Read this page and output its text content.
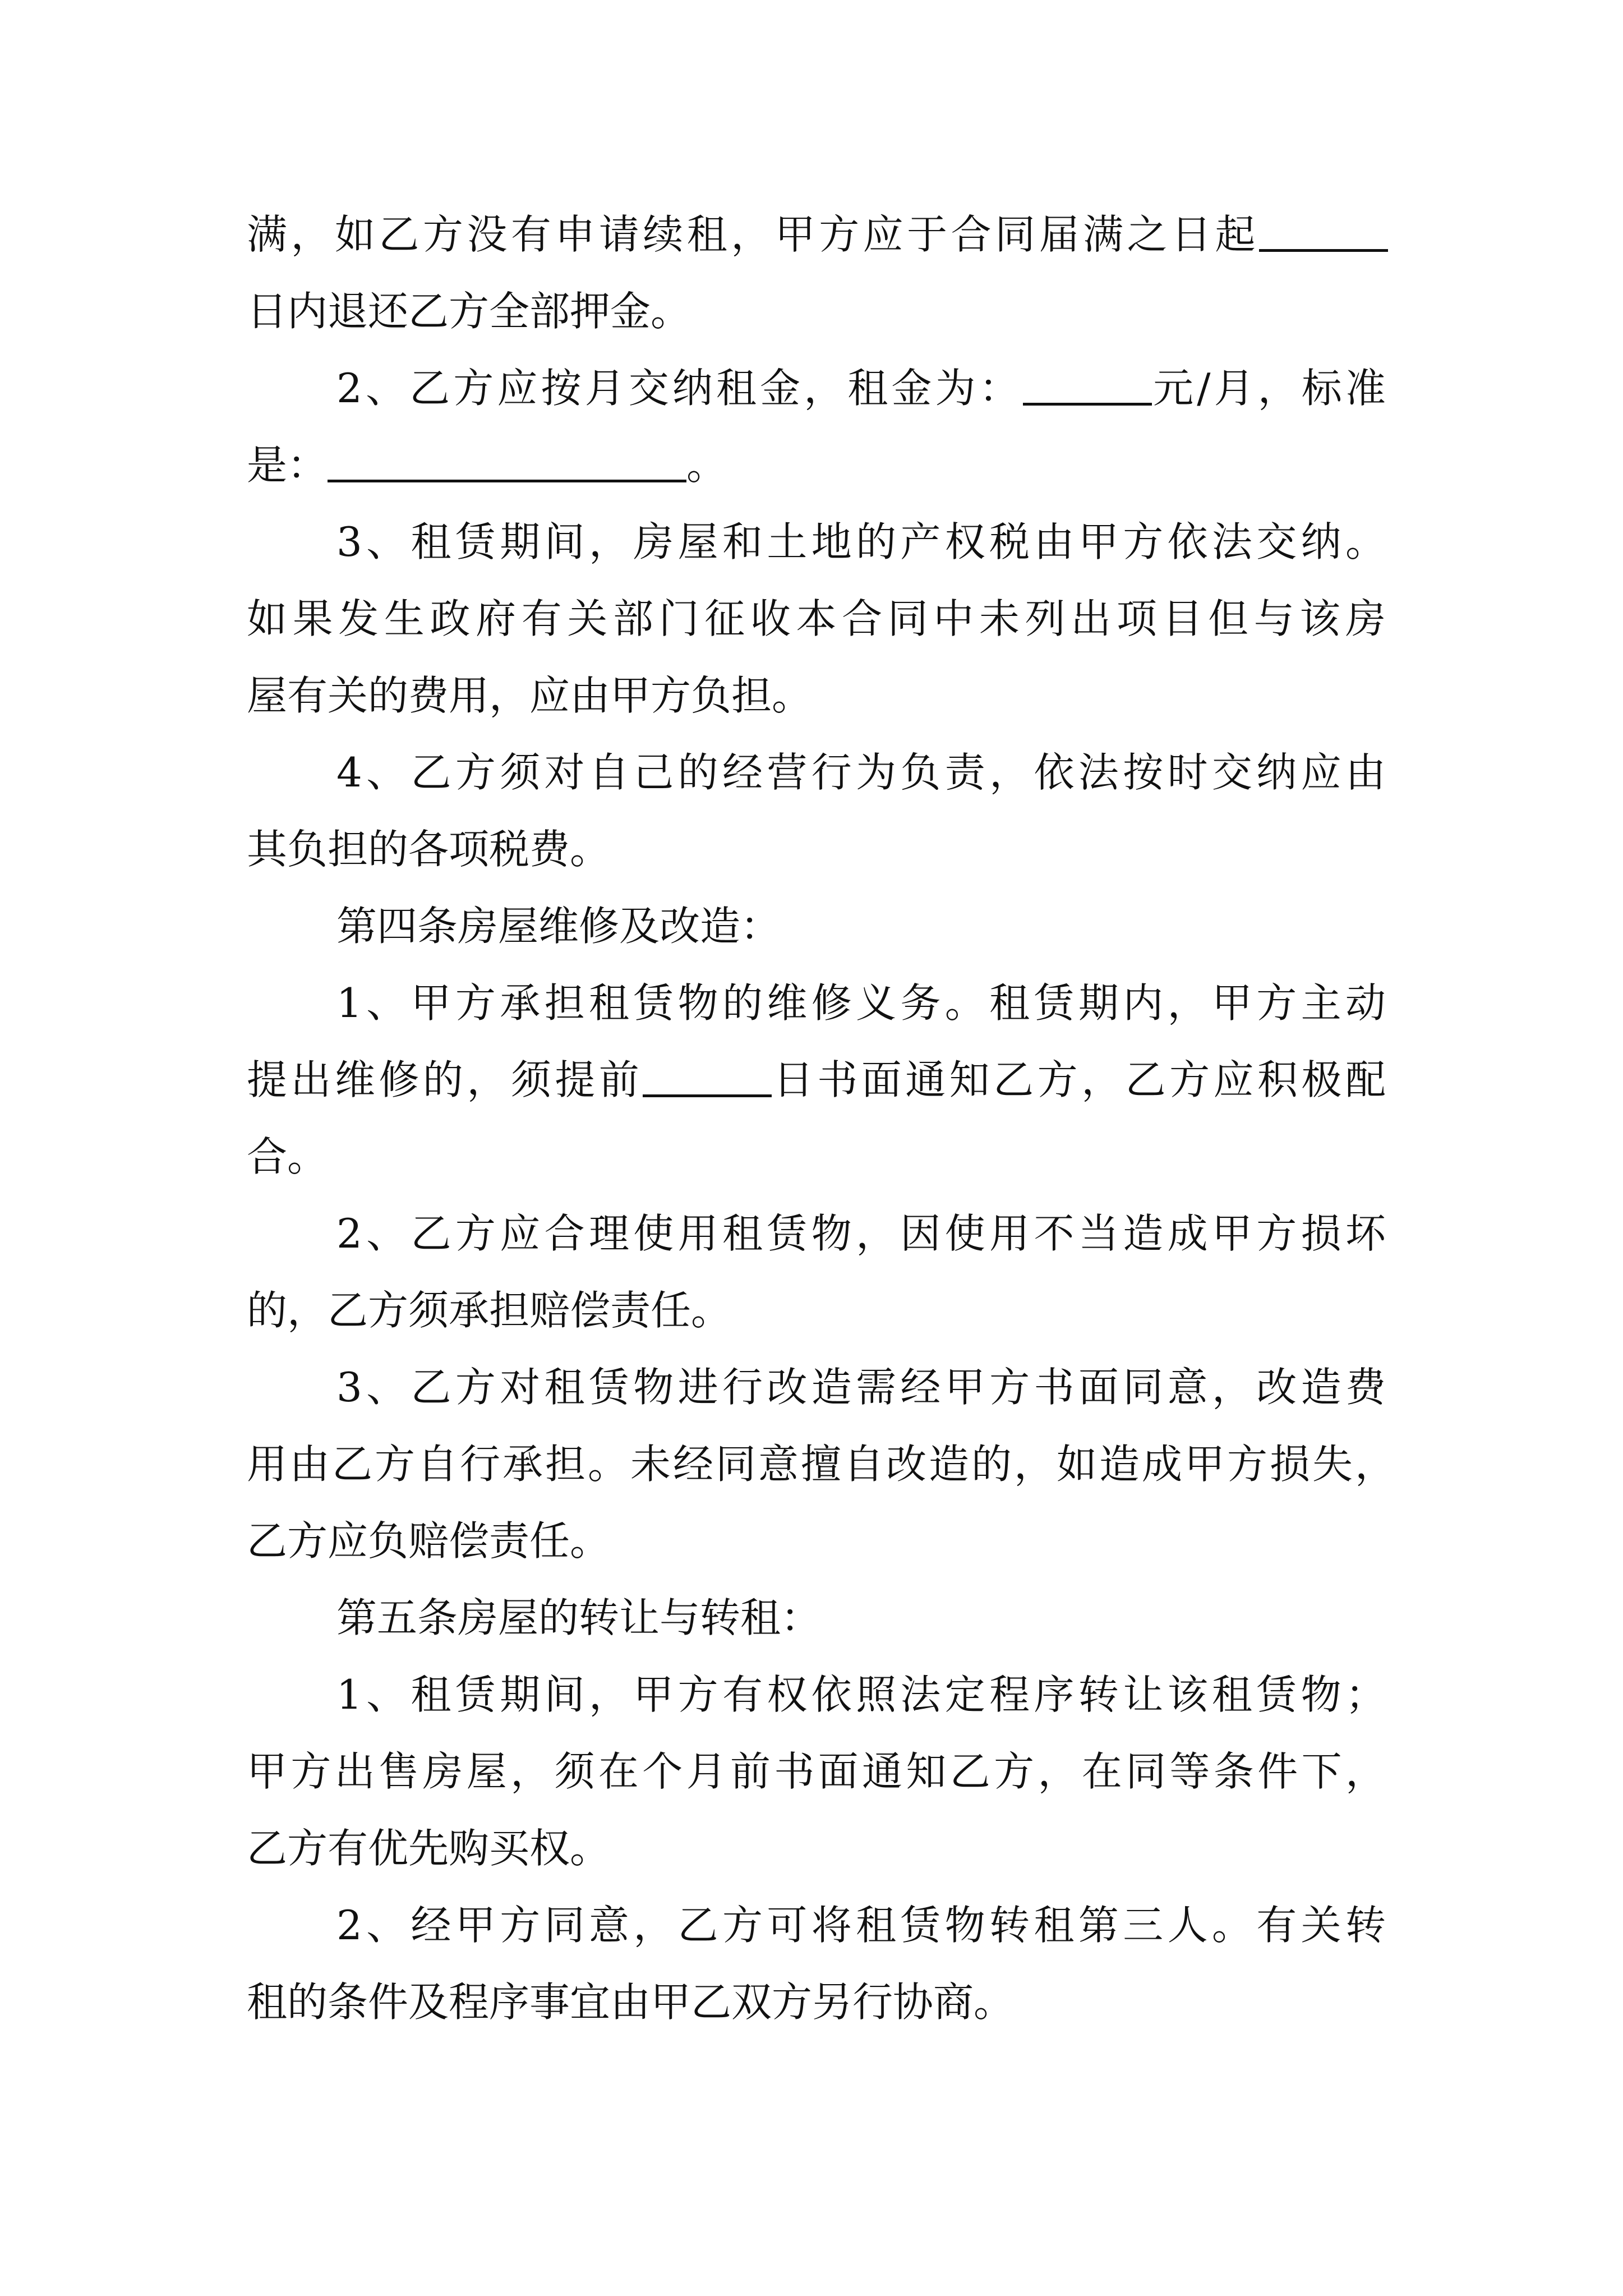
满，如乙方没有申请续租，甲方应于合同届满之日起
日内退还乙方全部押金。
2、乙方应按月交纳租金，租金为：	元/月，标准
是：	。
3、租赁期间，房屋和土地的产权税由甲方依法交纳。
如果发生政府有关部门征收本合同中未列出项目但与该房
屋有关的费用，应由甲方负担。
4、乙方须对自己的经营行为负责，依法按时交纳应由
其负担的各项税费。
第四条房屋维修及改造：
1、甲方承担租赁物的维修义务。租赁期内，甲方主动
提出维修的，须提前	日书面通知乙方，乙方应积极配
合。
2、乙方应合理使用租赁物，因使用不当造成甲方损坏
的，乙方须承担赔偿责任。
3、乙方对租赁物进行改造需经甲方书面同意，改造费
用由乙方自行承担。未经同意擅自改造的，如造成甲方损失，
乙方应负赔偿责任。
第五条房屋的转让与转租：
1、租赁期间，甲方有权依照法定程序转让该租赁物；
甲方出售房屋，须在个月前书面通知乙方，在同等条件下，
乙方有优先购买权。
2、经甲方同意，乙方可将租赁物转租第三人。有关转
租的条件及程序事宜由甲乙双方另行协商。
